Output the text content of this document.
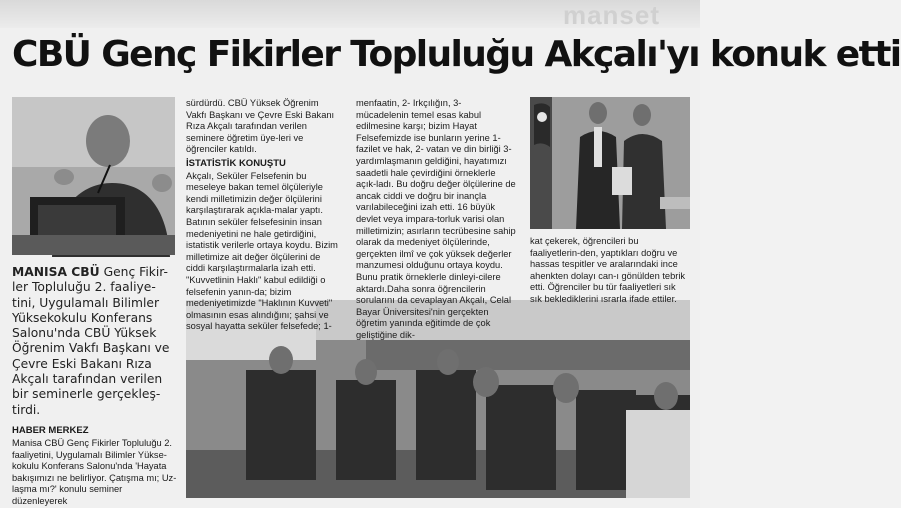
manset
CBÜ Genç Fikirler Topluluğu Akçalı'yı konuk etti
MANISA CBÜ Genç Fikir-ler Topluluğu 2. faaliye-tini, Uygulamalı Bilimler Yüksekokulu Konferans Salonu'nda CBÜ Yüksek Öğrenim Vakfı Başkanı ve Çevre Eski Bakanı Rıza Akçalı tarafından verilen bir seminerle gerçekleş-tirdi.
HABER MERKEZ
Manisa CBÜ Genç Fikirler Topluluğu 2. faaliyetini, Uygulamalı Bilimler Yükse-kokulu Konferans Salonu'nda 'Hayata bakışımızı ne belirliyor. Çatışma mı; Uz-laşma mı?' konulu seminer düzenleyerek
sürdürdü. CBÜ Yüksek Öğrenim Vakfı Başkanı ve Çevre Eski Bakanı Rıza Akçalı tarafından verilen seminere öğretim üye-leri ve öğrenciler katıldı.
İSTATİSTİK KONUŞTU
Akçalı, Seküler Felsefenin bu meseleye bakan temel ölçüleriyle kendi milletimizin değer ölçülerini karşılaştırarak açıkla-malar yaptı. Batının seküler felsefesinin insan medeniyetini ne hale getirdiğini, istatistik verilerle ortaya koydu. Bizim milletimize ait değer ölçülerini de ciddi karşılaştırmalarla izah etti. "Kuvvetlinin Haklı" kabul edildiği o felsefenin yanın-da; bizim medeniyetimizde "Haklının Kuvveti" olmasının esas alındığını; şahsi ve sosyal hayatta seküler felsefede; 1-
menfaatin, 2- Irkçılığın, 3- mücadelenin temel esas kabul edilmesine karşı; bizim Hayat Felsefemizde ise bunların yerine 1- fazilet ve hak, 2- vatan ve din birliği 3- yardımlaşmanın geldiğini, hayatımızı saadetli hale çevirdiğini örneklerle açık-ladı. Bu doğru değer ölçülerine de ancak ciddi ve doğru bir inançla varılabileceğini izah etti. 16 büyük devlet veya impara-torluk varisi olan milletimizin; asırların tecrübesine sahip olarak da medeniyet ölçülerinde, gerçekten ilmî ve çok yüksek değerler manzumesi olduğunu ortaya koydu. Bunu pratik örneklerle dinleyi-cilere aktardı.Daha sonra öğrencilerin sorularını da cevaplayan Akçalı, Celal Bayar Üniversitesi'nin gerçekten öğretim yanında eğitimde de çok geliştiğine dik-
kat çekerek, öğrencileri bu faaliyetlerin-den, yaptıkları doğru ve hassas tespitler ve aralarındaki ince ahenkten dolayı can-ı gönülden tebrik etti. Öğrenciler bu tür faaliyetleri sık sık beklediklerini ısrarla ifade ettiler.
